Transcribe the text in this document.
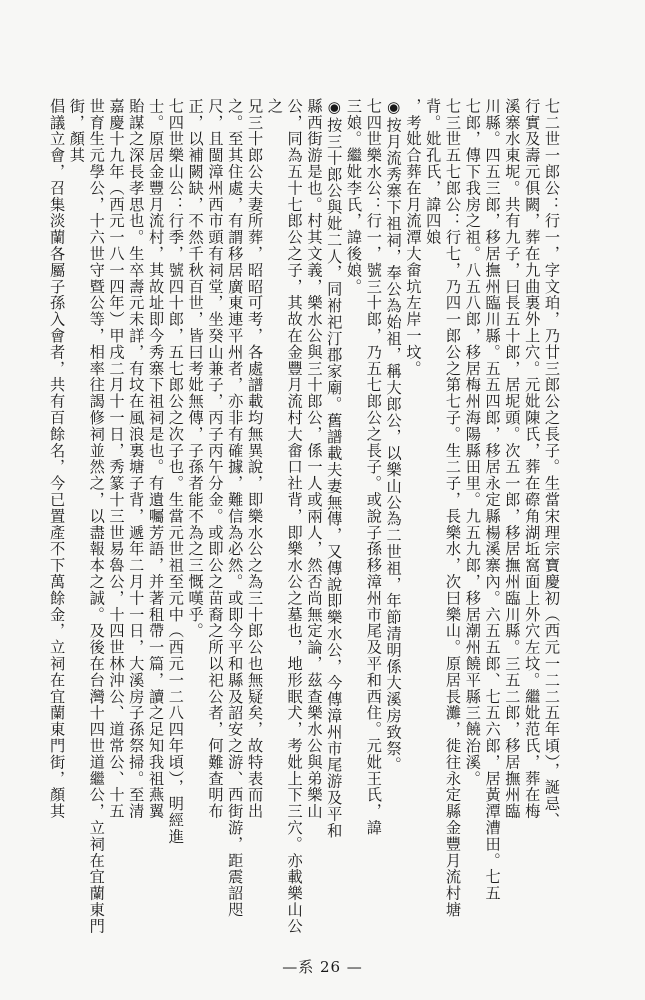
七二世一郎公：行一，字文珀，乃廿三郎公之長子。生當宋理宗寶慶初（西元一二二五年頃），誕忌、
行實及壽元俱闕，葬在九曲裏外上穴。元妣陳氏，葬在磜角湖坵窩面上外穴左坟。繼妣范氏，葬在梅
溪寨水東坭。共有九子，曰長五十郎，居坭頭。次五一郎，移居撫州臨川縣。三五二郎，移居撫州臨
川縣。四五三郎，移居撫州臨川縣。五五四郎，移居永定縣楊溪寨內。六五五郎、七五六郎，居黃潭漕田。七五
七郎，傳下我房之祖。八五八郎，移居梅州海陽縣田里。九五九郎，移居潮州饒平縣三饒治溪。

七三世五七郎公：行七，乃四一郎公之第七子。生二子，長樂水，次曰樂山。原居長灘，徙往永定縣金豐月流村塘背。妣孔氏，諱四娘
，考妣合葬在月流潭大畲坑左岸一坟。

◉按月流秀寨下祖祠，奉公為始祖，稱大郎公，以樂山公為二世祖，年節清明係大溪房致祭。

七四世樂水公：行一，號三十郎，乃五七郎公之長子。或說子孫移漳州市尾及平和西住。元妣王氏，諱
三娘。繼妣李氏，諱後娘。

◉按三十郎公與妣二人，同祔祀汀郡家廟。舊譜載夫妻無傳，又傳說即樂水公，今傳漳州市尾游及平和
縣西街游是也。村其文義，樂水公與三十郎公，係一人或兩人，然否尚無定論，茲查樂水公與弟樂山
公，同為五十七郎公之子，其故在金豐月流村大畲口社背，即樂水公之墓也，地形眠犬，考妣上下三穴。亦載樂山公之
兄三十郎公夫妻所葬，昭昭可考，各處譜載均無異說，即樂水公之為三十郎公也無疑矣，故特表而出
之。至其住處，有謂移居廣東連平州者，亦非有確據，難信為必然。或即今平和縣及詔安之游、西街游，距震詔咫
尺，且閩漳州西市頭有祠堂，坐癸山兼子，丙子丙午分金。或即公之苗裔之所以祀公者，何難查明布
正，以補闕缺，不然千秋百世，皆曰考妣無傳，子孫者能不為之三慨嘆乎。

七四世樂山公：行季，號四十郎，五七郎公之次子也。生當元世祖至元中（西元一二八四年頃），明經進
士。原居金豐月流村，其故址即今秀寨下祖祠是也。有遺囑芳語，并著租帶一篇，讀之足知我祖燕翼
貽謀之深長孝思也。生卒壽元未詳，有坟在風浪裏塘子背，遞年二月十一日，大溪房子孫祭掃。至清
嘉慶十九年（西元一八一四年）甲戌二月十一日，秀篆十三世易魯公，十四世林沖公、道常公、十五
世育生元學公，十六世守暨公等，相率往謁修祠並然之，以盡報本之誠。及後在台灣十四世道繼公，立祠在宜蘭東門街，顏其
倡議立會，召集淡蘭各屬子孫入會者，共有百餘名，今已置產不下萬餘金，立祠在宜蘭東門街，顏其

—系 26 —
